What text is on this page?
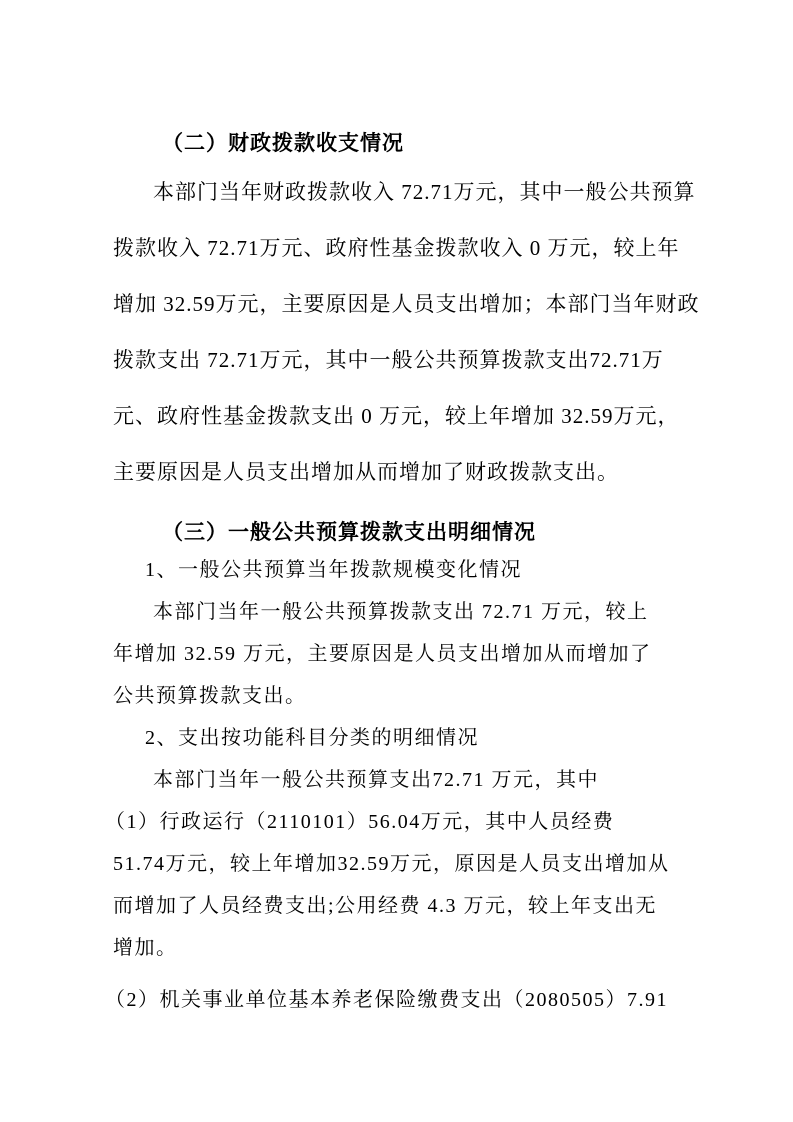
（二）财政拨款收支情况
本部门当年财政拨款收入 72.71万元，其中一般公共预算
拨款收入 72.71万元、政府性基金拨款收入 0 万元，较上年
增加 32.59万元，主要原因是人员支出增加；本部门当年财政
拨款支出 72.71万元，其中一般公共预算拨款支出72.71万
元、政府性基金拨款支出 0 万元，较上年增加 32.59万元，
主要原因是人员支出增加从而增加了财政拨款支出。
（三）一般公共预算拨款支出明细情况
1、一般公共预算当年拨款规模变化情况
本部门当年一般公共预算拨款支出 72.71 万元，较上
年增加 32.59 万元，主要原因是人员支出增加从而增加了
公共预算拨款支出。
2、支出按功能科目分类的明细情况
本部门当年一般公共预算支出72.71 万元，其中
（1）行政运行（2110101）56.04万元，其中人员经费
51.74万元，较上年增加32.59万元，原因是人员支出增加从
而增加了人员经费支出;公用经费 4.3 万元，较上年支出无
增加。
（2）机关事业单位基本养老保险缴费支出（2080505）7.91
